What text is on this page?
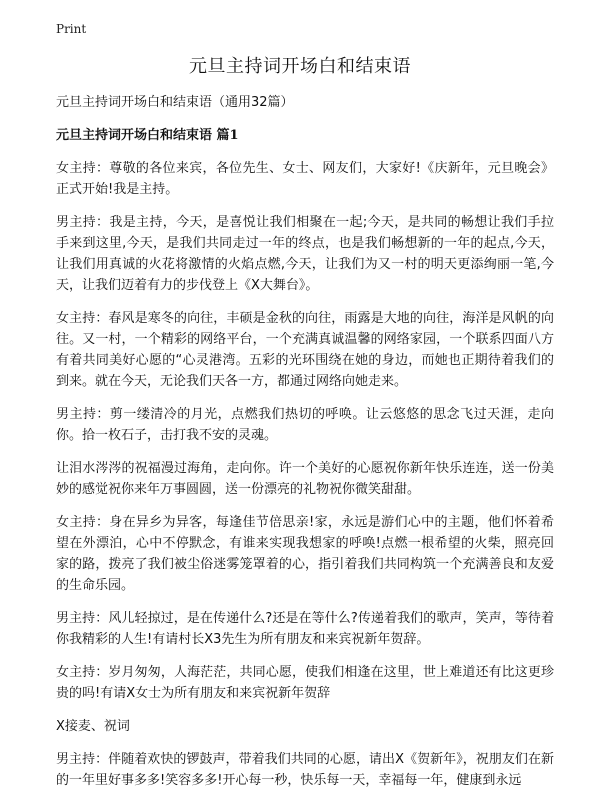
Print
元旦主持词开场白和结束语

元旦主持词开场白和结束语（通用32篇）

元旦主持词开场白和结束语 篇1

女主持：尊敬的各位来宾，各位先生、女士、网友们，大家好!《庆新年，元旦晚会》正式开始!我是主持。

男主持：我是主持，今天，是喜悦让我们相聚在一起;今天，是共同的畅想让我们手拉手来到这里,今天，是我们共同走过一年的终点，也是我们畅想新的一年的起点,今天，让我们用真诚的火花将激情的火焰点燃,今天，让我们为又一村的明天更添绚丽一笔,今天，让我们迈着有力的步伐登上《X大舞台》。

女主持：春风是寒冬的向往，丰硕是金秋的向往，雨露是大地的向往，海洋是风帆的向往。又一村，一个精彩的网络平台，一个充满真诚温馨的网络家园，一个联系四面八方有着共同美好心愿的“心灵港湾。五彩的光环围绕在她的身边，而她也正期待着我们的到来。就在今天，无论我们天各一方，都通过网络向她走来。

男主持：剪一缕清冷的月光，点燃我们热切的呼唤。让云悠悠的思念飞过天涯，走向你。拾一枚石子，击打我不安的灵魂。

让泪水涔涔的祝福漫过海角，走向你。许一个美好的心愿祝你新年快乐连连，送一份美妙的感觉祝你来年万事圆圆，送一份漂亮的礼物祝你微笑甜甜。

女主持：身在异乡为异客，每逢佳节倍思亲!家，永远是游们心中的主题，他们怀着希望在外漂泊，心中不停默念，有谁来实现我想家的呼唤!点燃一根希望的火柴，照亮回家的路，拨亮了我们被尘俗迷雾笼罩着的心，指引着我们共同构筑一个充满善良和友爱的生命乐园。

男主持：风儿轻掠过，是在传递什么?还是在等什么?传递着我们的歌声，笑声，等待着你我精彩的人生!有请村长X3先生为所有朋友和来宾祝新年贺辞。

女主持：岁月匆匆，人海茫茫，共同心愿，使我们相逢在这里，世上难道还有比这更珍贵的吗!有请X女士为所有朋友和来宾祝新年贺辞

X接麦、祝词

男主持：伴随着欢快的锣鼓声，带着我们共同的心愿，请出X《贺新年》，祝朋友们在新的一年里好事多多!笑容多多!开心每一秒，快乐每一天，幸福每一年，健康到永远
